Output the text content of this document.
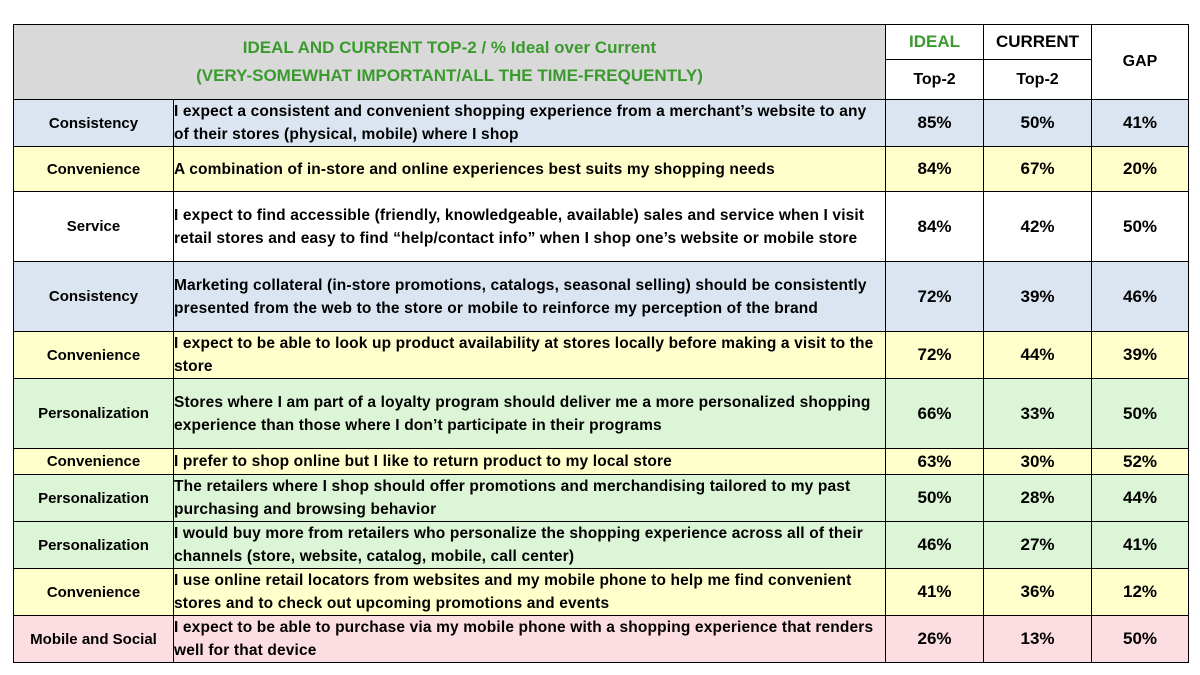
IDEAL AND CURRENT TOP-2 / % Ideal over Current
(VERY-SOMEWHAT IMPORTANT/ALL THE TIME-FREQUENTLY)		IDEAL	CURRENT	GAP
		Top-2	Top-2	
Consistency	I expect a consistent and convenient shopping experience from a merchant’s website to any of their stores (physical, mobile) where I shop	85%	50%	41%
Convenience	A combination of in-store and online experiences best suits my shopping needs	84%	67%	20%
Service	I expect to find accessible (friendly, knowledgeable, available) sales and service when I visit retail stores and easy to find “help/contact info” when I shop one’s website or mobile store	84%	42%	50%
Consistency	Marketing collateral (in-store promotions, catalogs, seasonal selling) should be consistently presented from the web to the store or mobile to reinforce my perception of the brand	72%	39%	46%
Convenience	I expect to be able to look up product availability at stores locally before making a visit to the store	72%	44%	39%
Personalization	Stores where I am part of a loyalty program should deliver me a more personalized shopping experience than those where I don’t participate in their programs	66%	33%	50%
Convenience	I prefer to shop online but I like to return product to my local store	63%	30%	52%
Personalization	The retailers where I shop should offer promotions and merchandising tailored to my past purchasing and browsing behavior	50%	28%	44%
Personalization	I would buy more from retailers who personalize the shopping experience across all of their channels (store, website, catalog, mobile, call center)	46%	27%	41%
Convenience	I use online retail locators from websites and my mobile phone to help me find convenient stores and to check out upcoming promotions and events	41%	36%	12%
Mobile and Social	I expect to be able to purchase via my mobile phone with a shopping experience that renders well for that device	26%	13%	50%
